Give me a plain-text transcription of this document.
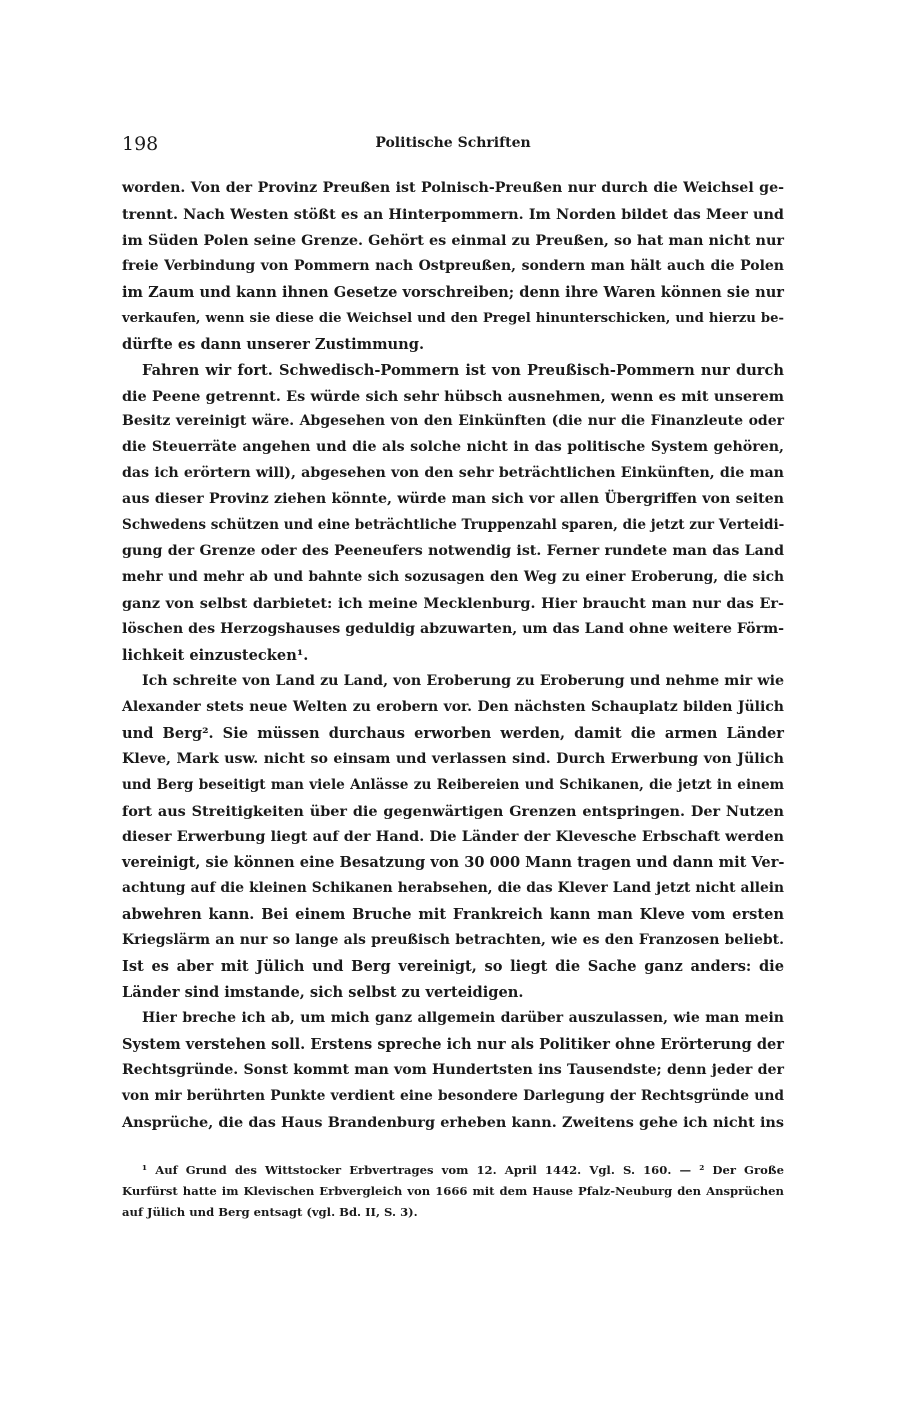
198	Politische Schriften
worden. Von der Provinz Preußen ist Polnisch-Preußen nur durch die Weichsel ge-
trennt. Nach Westen stößt es an Hinterpommern. Im Norden bildet das Meer und
im Süden Polen seine Grenze. Gehört es einmal zu Preußen, so hat man nicht nur
freie Verbindung von Pommern nach Ostpreußen, sondern man hält auch die Polen
im Zaum und kann ihnen Gesetze vorschreiben; denn ihre Waren können sie nur
verkaufen, wenn sie diese die Weichsel und den Pregel hinunterschicken, und hierzu be-
dürfte es dann unserer Zustimmung.
Fahren wir fort. Schwedisch-Pommern ist von Preußisch-Pommern nur durch
die Peene getrennt. Es würde sich sehr hübsch ausnehmen, wenn es mit unserem
Besitz vereinigt wäre. Abgesehen von den Einkünften (die nur die Finanzleute oder
die Steuerräte angehen und die als solche nicht in das politische System gehören,
das ich erörtern will), abgesehen von den sehr beträchtlichen Einkünften, die man
aus dieser Provinz ziehen könnte, würde man sich vor allen Übergriffen von seiten
Schwedens schützen und eine beträchtliche Truppenzahl sparen, die jetzt zur Verteidi-
gung der Grenze oder des Peeneufers notwendig ist. Ferner rundete man das Land
mehr und mehr ab und bahnte sich sozusagen den Weg zu einer Eroberung, die sich
ganz von selbst darbietet: ich meine Mecklenburg. Hier braucht man nur das Er-
löschen des Herzogshauses geduldig abzuwarten, um das Land ohne weitere Förm-
lichkeit einzustecken¹.
Ich schreite von Land zu Land, von Eroberung zu Eroberung und nehme mir wie
Alexander stets neue Welten zu erobern vor. Den nächsten Schauplatz bilden Jülich
und Berg². Sie müssen durchaus erworben werden, damit die armen Länder
Kleve, Mark usw. nicht so einsam und verlassen sind. Durch Erwerbung von Jülich
und Berg beseitigt man viele Anlässe zu Reibereien und Schikanen, die jetzt in einem
fort aus Streitigkeiten über die gegenwärtigen Grenzen entspringen. Der Nutzen
dieser Erwerbung liegt auf der Hand. Die Länder der Klevesche Erbschaft werden
vereinigt, sie können eine Besatzung von 30 000 Mann tragen und dann mit Ver-
achtung auf die kleinen Schikanen herabsehen, die das Klever Land jetzt nicht allein
abwehren kann. Bei einem Bruche mit Frankreich kann man Kleve vom ersten
Kriegslärm an nur so lange als preußisch betrachten, wie es den Franzosen beliebt.
Ist es aber mit Jülich und Berg vereinigt, so liegt die Sache ganz anders: die
Länder sind imstande, sich selbst zu verteidigen.
Hier breche ich ab, um mich ganz allgemein darüber auszulassen, wie man mein
System verstehen soll. Erstens spreche ich nur als Politiker ohne Erörterung der
Rechtsgründe. Sonst kommt man vom Hundertsten ins Tausendste; denn jeder der
von mir berührten Punkte verdient eine besondere Darlegung der Rechtsgründe und
Ansprüche, die das Haus Brandenburg erheben kann. Zweitens gehe ich nicht ins
¹ Auf Grund des Wittstocker Erbvertrages vom 12. April 1442. Vgl. S. 160. — ² Der Große
Kurfürst hatte im Klevischen Erbvergleich von 1666 mit dem Hause Pfalz-Neuburg den Ansprüchen
auf Jülich und Berg entsagt (vgl. Bd. II, S. 3).
